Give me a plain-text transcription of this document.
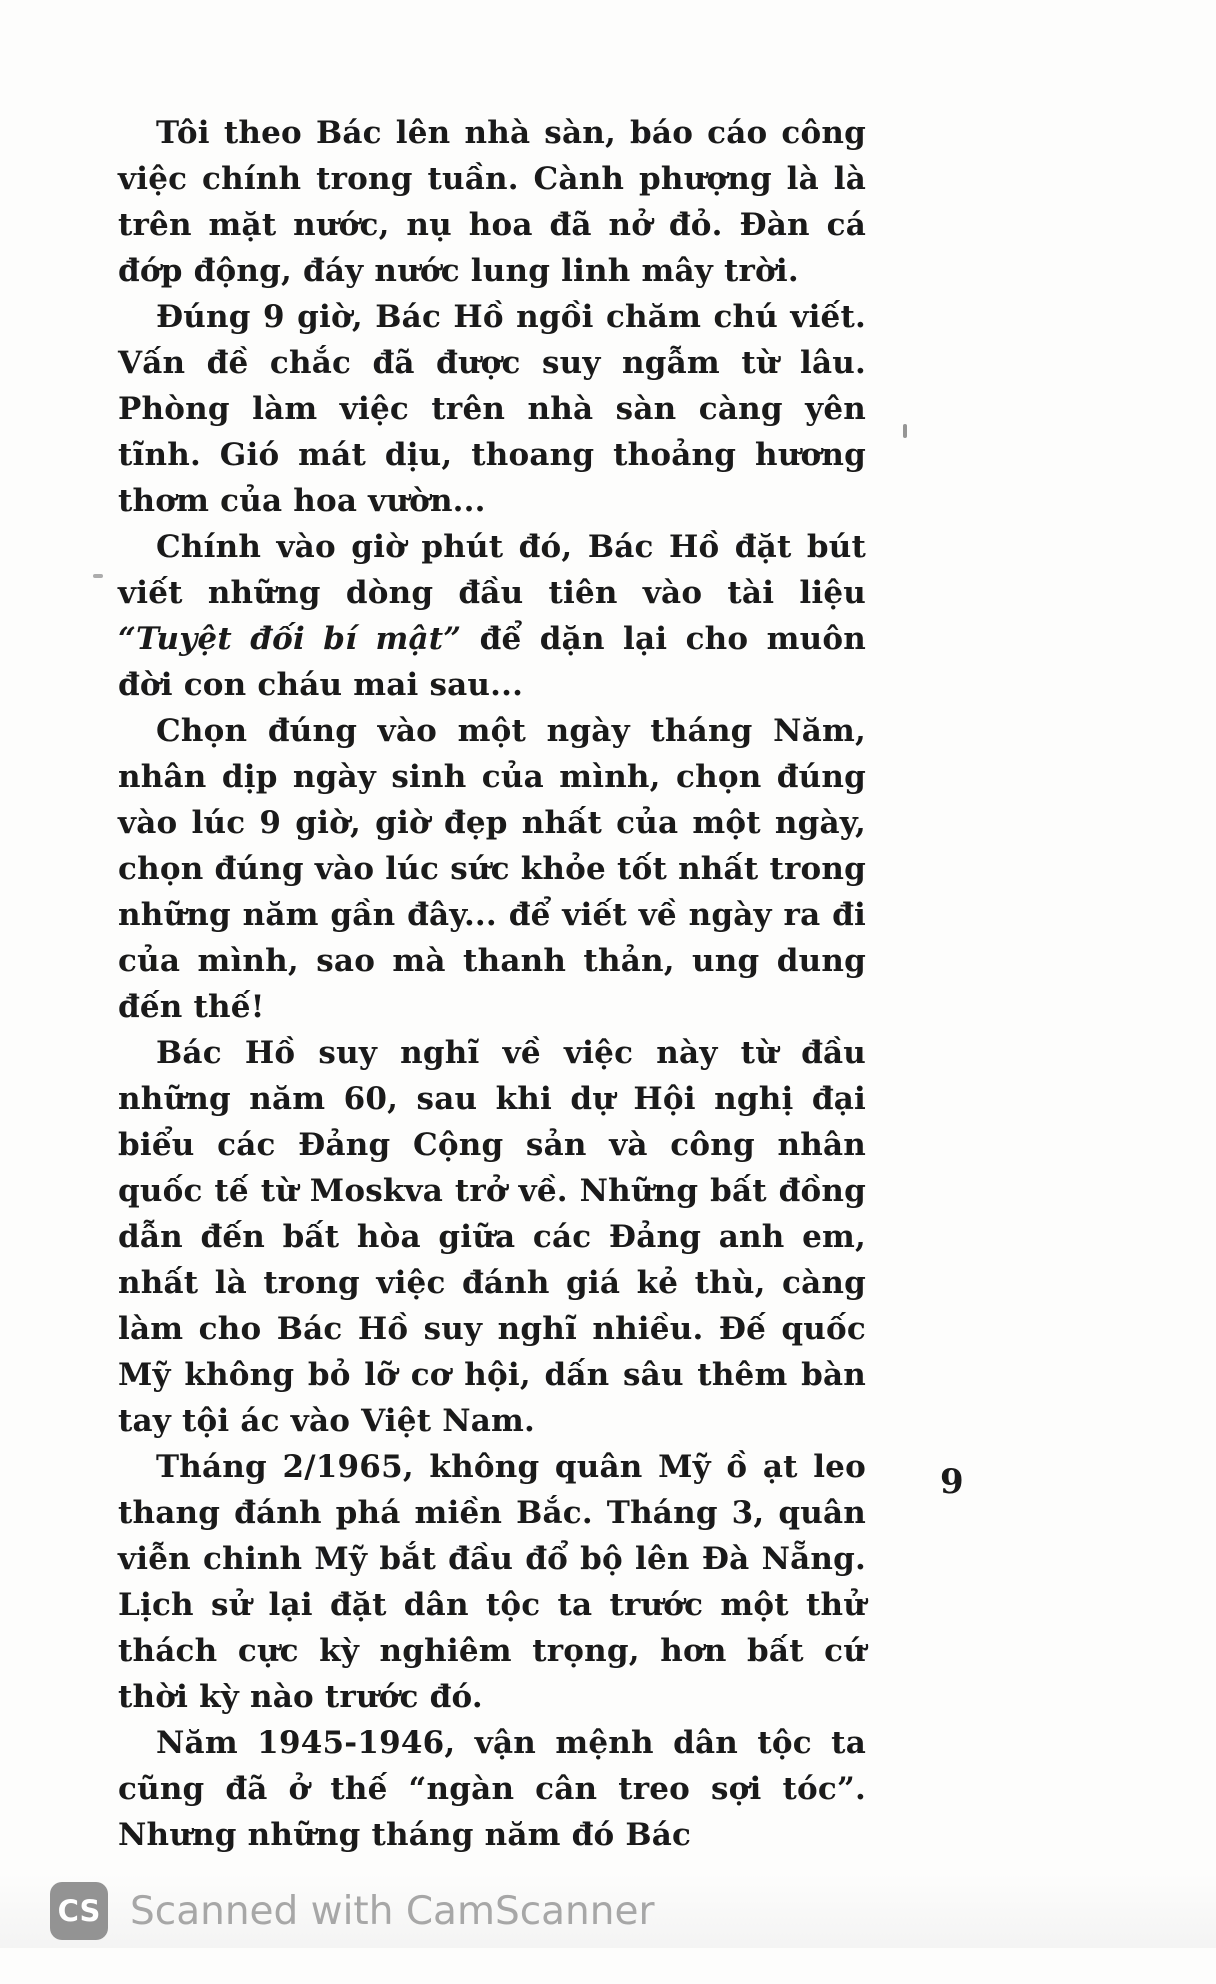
Tôi theo Bác lên nhà sàn, báo cáo công việc chính trong tuần. Cành phượng là là trên mặt nước, nụ hoa đã nở đỏ. Đàn cá đớp động, đáy nước lung linh mây trời.

Đúng 9 giờ, Bác Hồ ngồi chăm chú viết. Vấn đề chắc đã được suy ngẫm từ lâu. Phòng làm việc trên nhà sàn càng yên tĩnh. Gió mát dịu, thoang thoảng hương thơm của hoa vườn...

Chính vào giờ phút đó, Bác Hồ đặt bút viết những dòng đầu tiên vào tài liệu “Tuyệt đối bí mật” để dặn lại cho muôn đời con cháu mai sau...

Chọn đúng vào một ngày tháng Năm, nhân dịp ngày sinh của mình, chọn đúng vào lúc 9 giờ, giờ đẹp nhất của một ngày, chọn đúng vào lúc sức khỏe tốt nhất trong những năm gần đây... để viết về ngày ra đi của mình, sao mà thanh thản, ung dung đến thế!

Bác Hồ suy nghĩ về việc này từ đầu những năm 60, sau khi dự Hội nghị đại biểu các Đảng Cộng sản và công nhân quốc tế từ Moskva trở về. Những bất đồng dẫn đến bất hòa giữa các Đảng anh em, nhất là trong việc đánh giá kẻ thù, càng làm cho Bác Hồ suy nghĩ nhiều. Đế quốc Mỹ không bỏ lỡ cơ hội, dấn sâu thêm bàn tay tội ác vào Việt Nam.

Tháng 2/1965, không quân Mỹ ồ ạt leo thang đánh phá miền Bắc. Tháng 3, quân viễn chinh Mỹ bắt đầu đổ bộ lên Đà Nẵng. Lịch sử lại đặt dân tộc ta trước một thử thách cực kỳ nghiêm trọng, hơn bất cứ thời kỳ nào trước đó.

Năm 1945-1946, vận mệnh dân tộc ta cũng đã ở thế “ngàn cân treo sợi tóc”. Nhưng những tháng năm đó Bác

9
CS Scanned with CamScanner
